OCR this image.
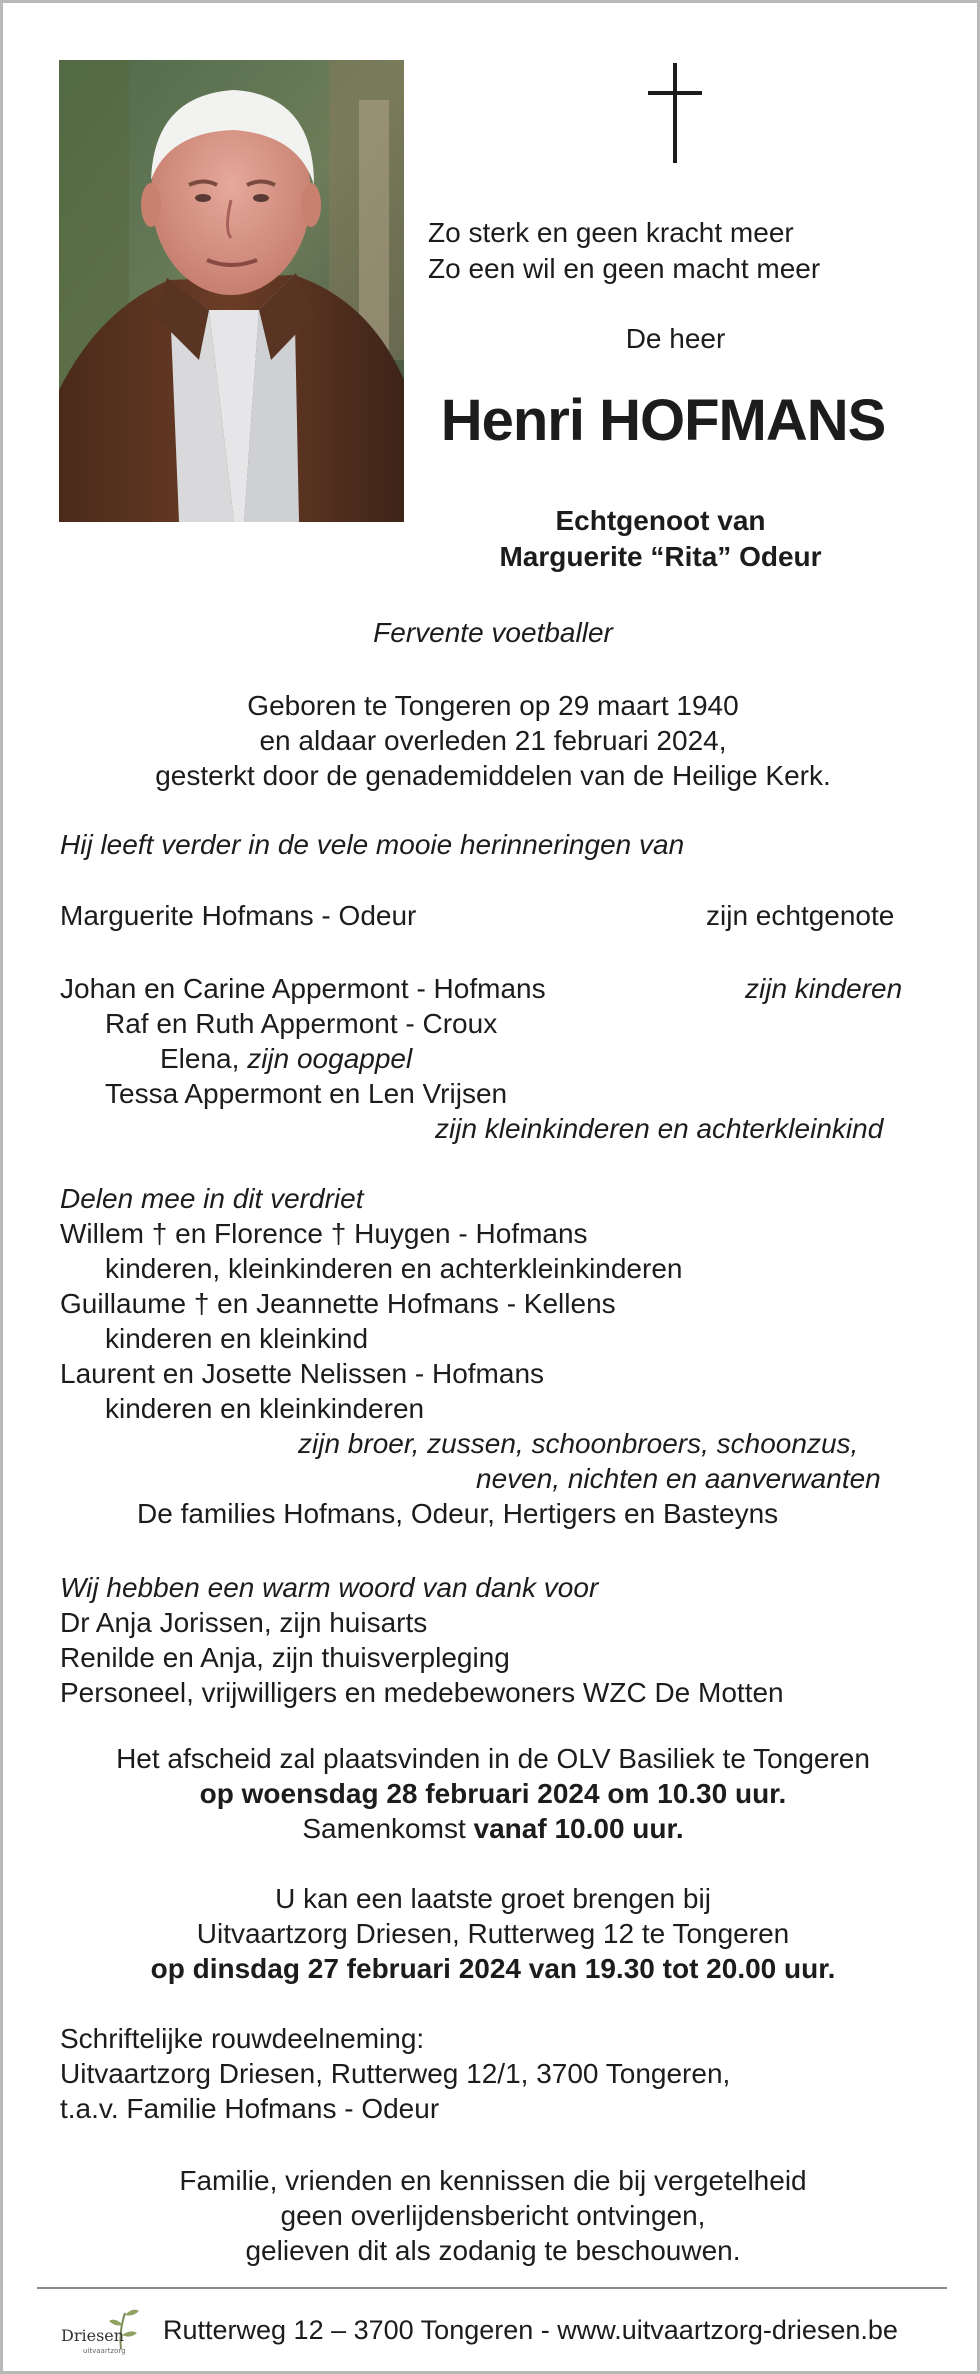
Zo sterk en geen kracht meer
Zo een wil en geen macht meer
De heer
Henri HOFMANS
Echtgenoot van
Marguerite “Rita” Odeur
Fervente voetballer
Geboren te Tongeren op 29 maart 1940
en aldaar overleden 21 februari 2024,
gesterkt door de genademiddelen van de Heilige Kerk.
Hij leeft verder in de vele mooie herinneringen van
Marguerite Hofmans - Odeur	zijn echtgenote
Johan en Carine Appermont - Hofmans	zijn kinderen
Raf en Ruth Appermont - Croux
Elena, zijn oogappel
Tessa Appermont en Len Vrijsen
zijn kleinkinderen en achterkleinkind
Delen mee in dit verdriet
Willem † en Florence † Huygen - Hofmans
kinderen, kleinkinderen en achterkleinkinderen
Guillaume † en Jeannette Hofmans - Kellens
kinderen en kleinkind
Laurent en Josette Nelissen - Hofmans
kinderen en kleinkinderen
zijn broer, zussen, schoonbroers, schoonzus,
neven, nichten en aanverwanten
De families Hofmans, Odeur, Hertigers en Basteyns
Wij hebben een warm woord van dank voor
Dr Anja Jorissen, zijn huisarts
Renilde en Anja, zijn thuisverpleging
Personeel, vrijwilligers en medebewoners WZC De Motten
Het afscheid zal plaatsvinden in de OLV Basiliek te Tongeren
op woensdag 28 februari 2024 om 10.30 uur.
Samenkomst vanaf 10.00 uur.
U kan een laatste groet brengen bij
Uitvaartzorg Driesen, Rutterweg 12 te Tongeren
op dinsdag 27 februari 2024 van 19.30 tot 20.00 uur.
Schriftelijke rouwdeelneming:
Uitvaartzorg Driesen, Rutterweg 12/1, 3700 Tongeren,
t.a.v. Familie Hofmans - Odeur
Familie, vrienden en kennissen die bij vergetelheid
geen overlijdensbericht ontvingen,
gelieven dit als zodanig te beschouwen.
Driesen
uitvaartzorg
Rutterweg 12 – 3700 Tongeren - www.uitvaartzorg-driesen.be
